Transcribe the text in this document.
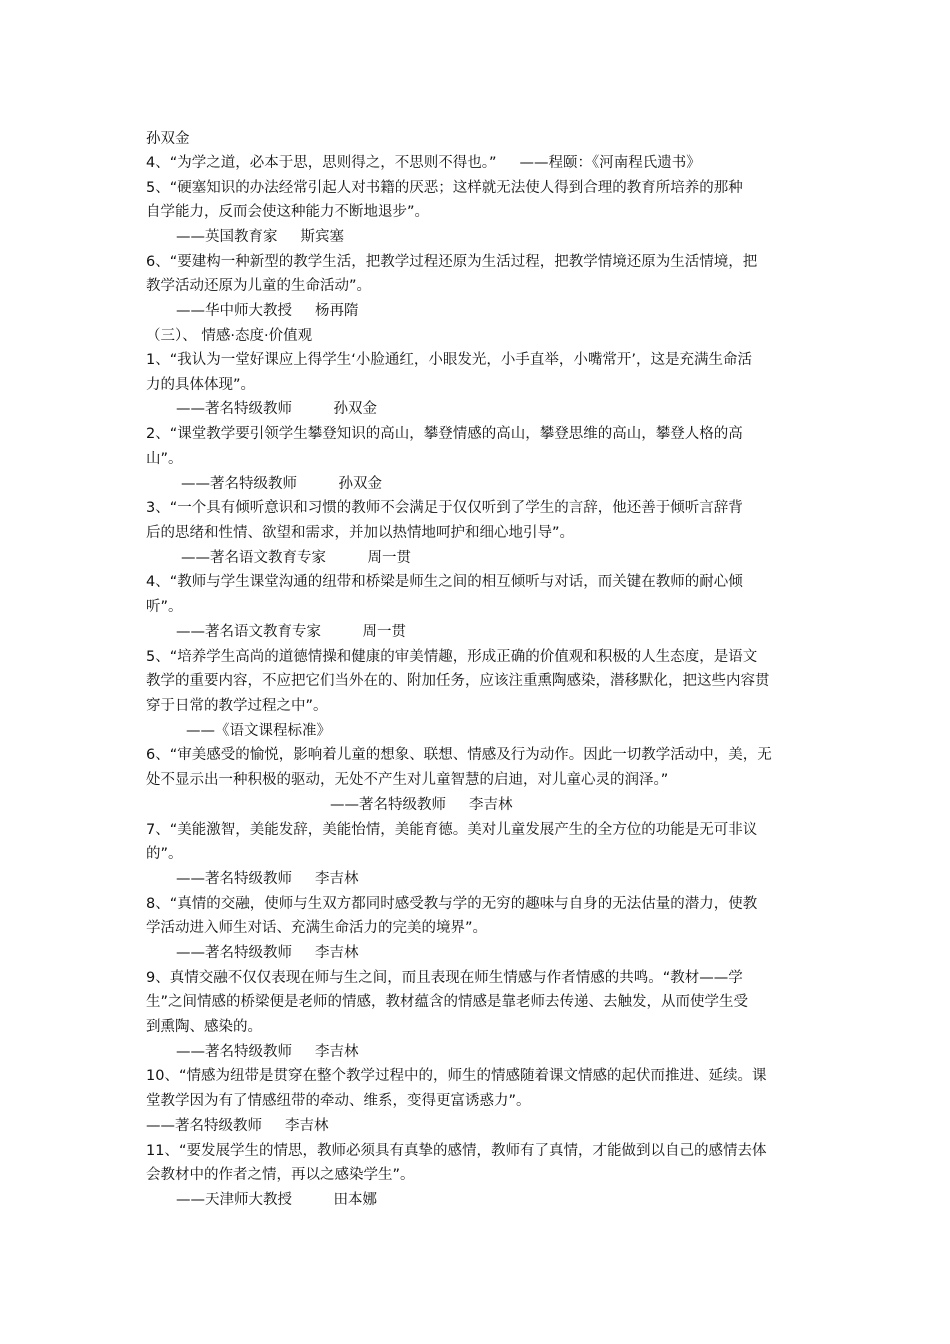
孙双金
4、“为学之道，必本于思，思则得之，不思则不得也。”     ——程颐：《河南程氏遗书》
5、“硬塞知识的办法经常引起人对书籍的厌恶；这样就无法使人得到合理的教育所培养的那种
自学能力，反而会使这种能力不断地退步”。
——英国教育家     斯宾塞
6、“要建构一种新型的教学生活，把教学过程还原为生活过程，把教学情境还原为生活情境，把
教学活动还原为儿童的生命活动”。
——华中师大教授     杨再隋
（三）、 情感·态度·价值观
1、“我认为一堂好课应上得学生‘小脸通红，小眼发光，小手直举，小嘴常开’，这是充满生命活
力的具体体现”。
——著名特级教师         孙双金
2、“课堂教学要引领学生攀登知识的高山，攀登情感的高山，攀登思维的高山，攀登人格的高
山”。
——著名特级教师         孙双金
3、“一个具有倾听意识和习惯的教师不会满足于仅仅听到了学生的言辞，他还善于倾听言辞背
后的思绪和性情、欲望和需求，并加以热情地呵护和细心地引导”。
——著名语文教育专家         周一贯
4、“教师与学生课堂沟通的纽带和桥梁是师生之间的相互倾听与对话，而关键在教师的耐心倾
听”。
——著名语文教育专家         周一贯
5、“培养学生高尚的道德情操和健康的审美情趣，形成正确的价值观和积极的人生态度，是语文
教学的重要内容，不应把它们当外在的、附加任务，应该注重熏陶感染，潜移默化，把这些内容贯
穿于日常的教学过程之中”。
——《语文课程标准》
6、“审美感受的愉悦，影响着儿童的想象、联想、情感及行为动作。因此一切教学活动中，美，无
处不显示出一种积极的驱动，无处不产生对儿童智慧的启迪，对儿童心灵的润泽。”
——著名特级教师     李吉林
7、“美能激智，美能发辞，美能怡情，美能育德。美对儿童发展产生的全方位的功能是无可非议
的”。
——著名特级教师     李吉林
8、“真情的交融，使师与生双方都同时感受教与学的无穷的趣味与自身的无法估量的潜力，使教
学活动进入师生对话、充满生命活力的完美的境界”。
——著名特级教师     李吉林
9、真情交融不仅仅表现在师与生之间，而且表现在师生情感与作者情感的共鸣。“教材——学
生”之间情感的桥梁便是老师的情感，教材蕴含的情感是靠老师去传递、去触发，从而使学生受
到熏陶、感染的。
——著名特级教师     李吉林
10、“情感为纽带是贯穿在整个教学过程中的，师生的情感随着课文情感的起伏而推进、延续。课
堂教学因为有了情感纽带的牵动、维系，变得更富诱惑力”。
——著名特级教师     李吉林
11、“要发展学生的情思，教师必须具有真挚的感情，教师有了真情，才能做到以自己的感情去体
会教材中的作者之情，再以之感染学生”。
——天津师大教授         田本娜
